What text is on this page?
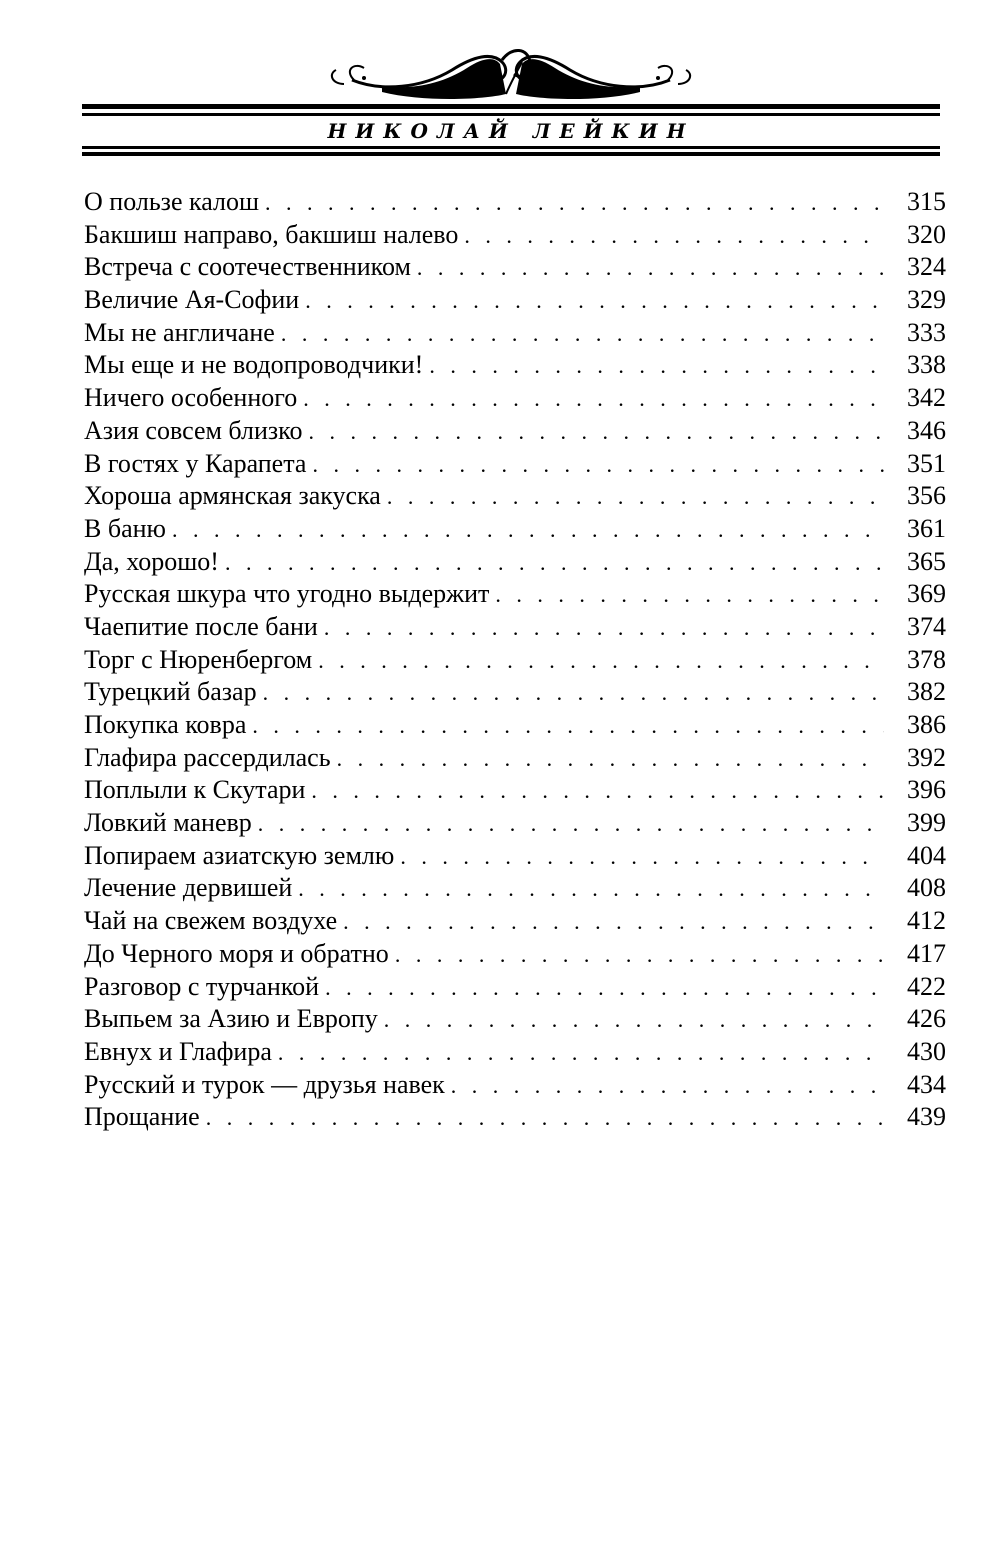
НИКОЛАЙ ЛЕЙКИН
О пользе калош . . .	315
Бакшиш направо, бакшиш налево . . .	320
Встреча с соотечественником . . .	324
Величие Ая-Софии . . .	329
Мы не англичане . . .	333
Мы еще и не водопроводчики! . . .	338
Ничего особенного . . .	342
Азия совсем близко . . .	346
В гостях у Карапета . . .	351
Хороша армянская закуска . . .	356
В баню . . .	361
Да, хорошо! . . .	365
Русская шкура что угодно выдержит . . .	369
Чаепитие после бани . . .	374
Торг с Нюренбергом . . .	378
Турецкий базар . . .	382
Покупка ковра . . .	386
Глафира рассердилась . . .	392
Поплыли к Скутари . . .	396
Ловкий маневр . . .	399
Попираем азиатскую землю . . .	404
Лечение дервишей . . .	408
Чай на свежем воздухе . . .	412
До Черного моря и обратно . . .	417
Разговор с турчанкой . . .	422
Выпьем за Азию и Европу . . .	426
Евнух и Глафира . . .	430
Русский и турок — друзья навек . . .	434
Прощание . . .	439
